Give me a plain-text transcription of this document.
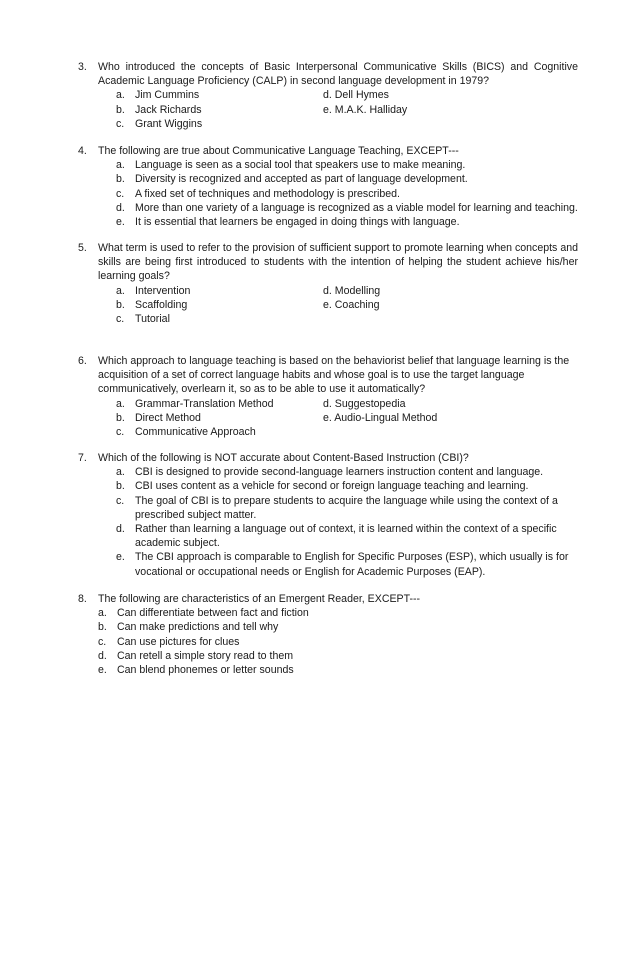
3.	Who introduced the concepts of Basic Interpersonal Communicative Skills (BICS) and Cognitive Academic Language Proficiency (CALP) in second language development in 1979?
a. Jim Cummins	d. Dell Hymes
b. Jack Richards	e. M.A.K. Halliday
c. Grant Wiggins
4.	The following are true about Communicative Language Teaching, EXCEPT---
a. Language is seen as a social tool that speakers use to make meaning.
b. Diversity is recognized and accepted as part of language development.
c. A fixed set of techniques and methodology is prescribed.
d. More than one variety of a language is recognized as a viable model for learning and teaching.
e. It is essential that learners be engaged in doing things with language.
5.	What term is used to refer to the provision of sufficient support to promote learning when concepts and skills are being first introduced to students with the intention of helping the student achieve his/her learning goals?
a. Intervention	d. Modelling
b. Scaffolding	e. Coaching
c. Tutorial
6.	Which approach to language teaching is based on the behaviorist belief that language learning is the acquisition of a set of correct language habits and whose goal is to use the target language communicatively, overlearn it, so as to be able to use it automatically?
a. Grammar-Translation Method	d. Suggestopedia
b. Direct Method	e. Audio-Lingual Method
c. Communicative Approach
7.	Which of the following is NOT accurate about Content-Based Instruction (CBI)?
a. CBI is designed to provide second-language learners instruction content and language.
b. CBI uses content as a vehicle for second or foreign language teaching and learning.
c. The goal of CBI is to prepare students to acquire the language while using the context of a prescribed subject matter.
d. Rather than learning a language out of context, it is learned within the context of a specific academic subject.
e. The CBI approach is comparable to English for Specific Purposes (ESP), which usually is for vocational or occupational needs or English for Academic Purposes (EAP).
8.	The following are characteristics of an Emergent Reader, EXCEPT---
a. Can differentiate between fact and fiction
b. Can make predictions and tell why
c. Can use pictures for clues
d. Can retell a simple story read to them
e. Can blend phonemes or letter sounds
